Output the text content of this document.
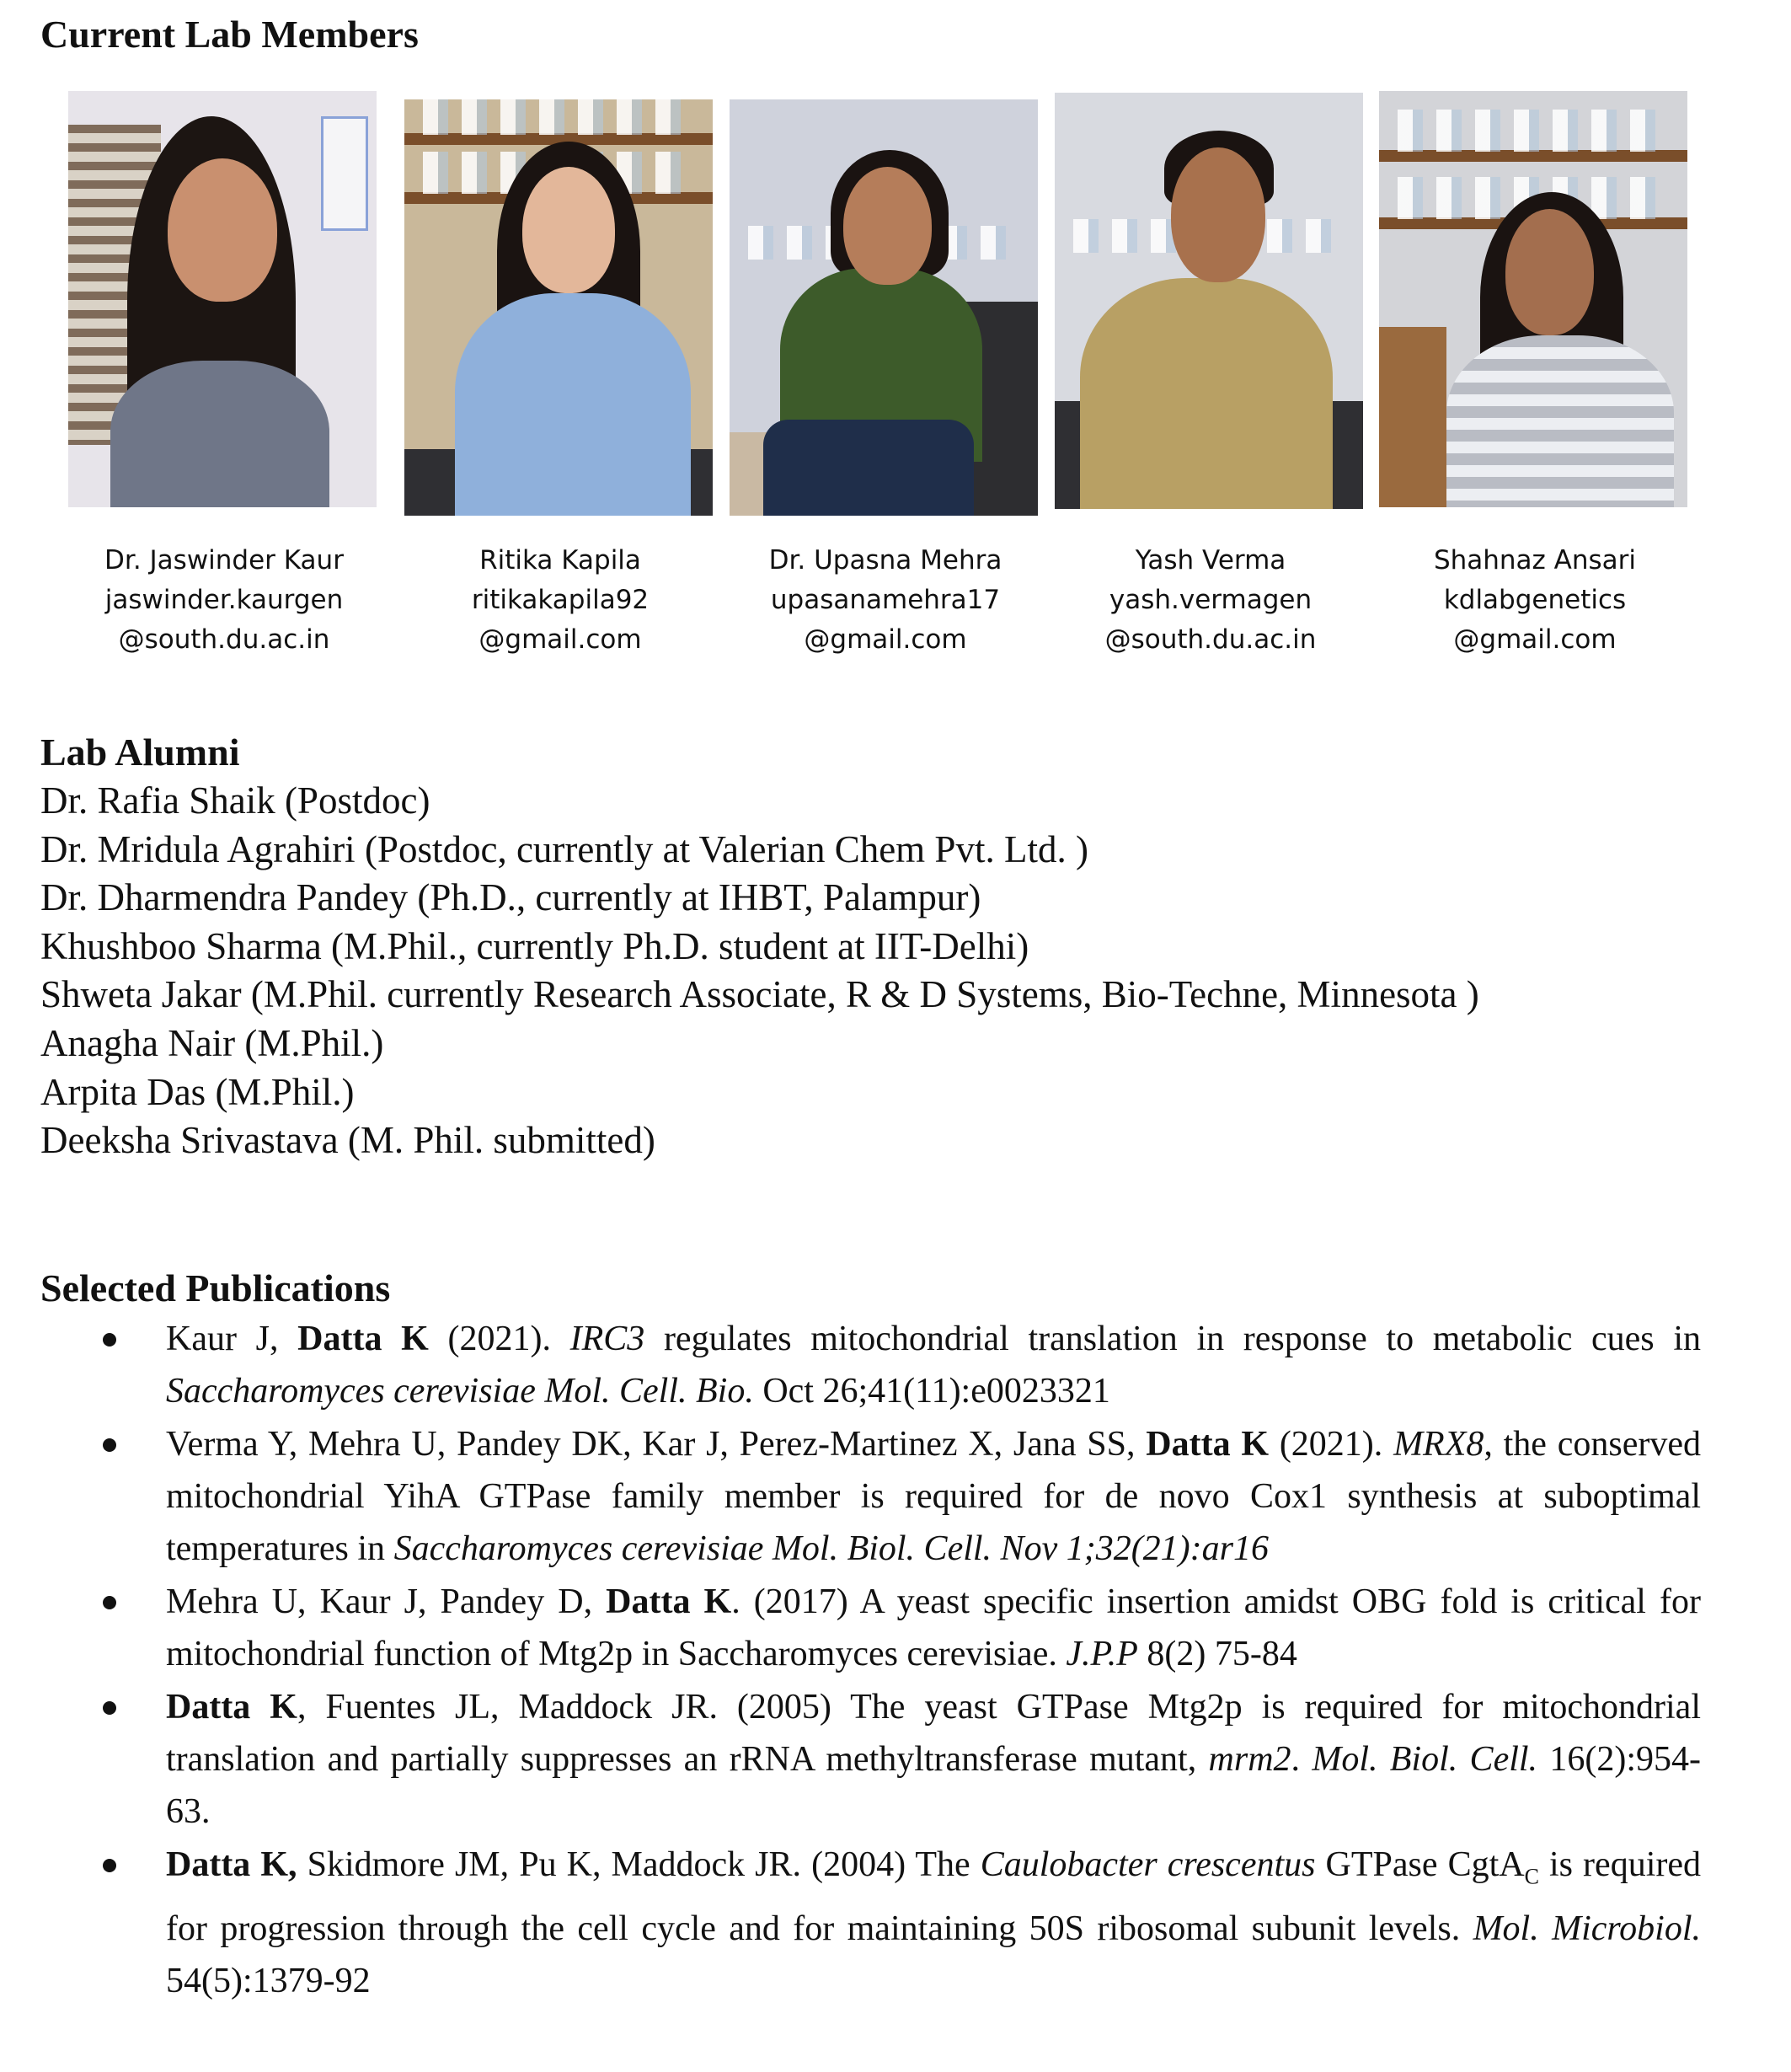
Current Lab Members
Dr. Jaswinder Kaur
jaswinder.kaurgen
@south.du.ac.in
Ritika Kapila
ritikakapila92
@gmail.com
Dr. Upasna Mehra
upasanamehra17
@gmail.com
Yash Verma
yash.vermagen
@south.du.ac.in
Shahnaz Ansari
kdlabgenetics
@gmail.com
Lab Alumni
Dr. Rafia Shaik (Postdoc)
Dr. Mridula Agrahiri (Postdoc, currently at Valerian Chem Pvt. Ltd. )
Dr. Dharmendra Pandey (Ph.D., currently at IHBT, Palampur)
Khushboo Sharma (M.Phil., currently Ph.D. student at IIT-Delhi)
Shweta Jakar (M.Phil. currently Research Associate, R & D Systems, Bio-Techne, Minnesota )
Anagha Nair (M.Phil.)
Arpita Das (M.Phil.)
Deeksha Srivastava (M. Phil. submitted)
Selected Publications
Kaur J, Datta K (2021). IRC3 regulates mitochondrial translation in response to metabolic cues in Saccharomyces cerevisiae Mol. Cell. Bio. Oct 26;41(11):e0023321
Verma Y, Mehra U, Pandey DK, Kar J, Perez-Martinez X, Jana SS, Datta K (2021). MRX8, the conserved mitochondrial YihA GTPase family member is required for de novo Cox1 synthesis at suboptimal temperatures in Saccharomyces cerevisiae Mol. Biol. Cell. Nov 1;32(21):ar16
Mehra U, Kaur J, Pandey D, Datta K. (2017) A yeast specific insertion amidst OBG fold is critical for mitochondrial function of Mtg2p in Saccharomyces cerevisiae. J.P.P 8(2) 75-84
Datta K, Fuentes JL, Maddock JR. (2005) The yeast GTPase Mtg2p is required for mitochondrial translation and partially suppresses an rRNA methyltransferase mutant, mrm2. Mol. Biol. Cell. 16(2):954-63.
Datta K, Skidmore JM, Pu K, Maddock JR. (2004) The Caulobacter crescentus GTPase CgtA$_C$ is required for progression through the cell cycle and for maintaining 50S ribosomal subunit levels. Mol. Microbiol. 54(5):1379-92
